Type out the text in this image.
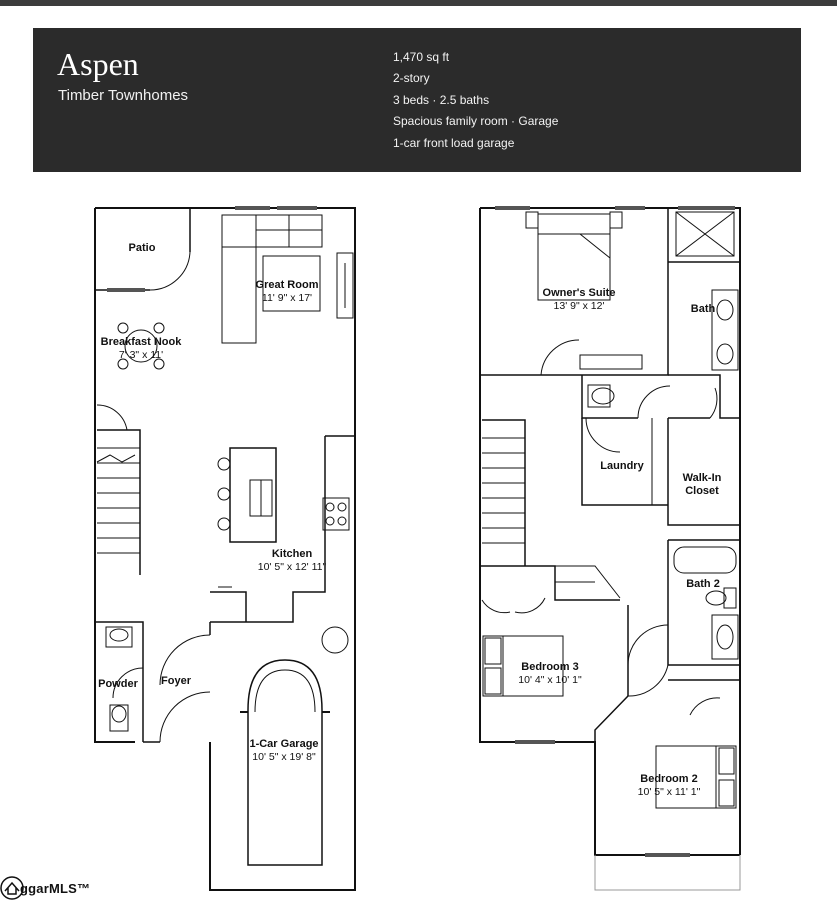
Aspen
Timber Townhomes
1,470 sq ft
2-story
3 beds · 2.5 baths
Spacious family room · Garage
1-car front load garage
Patio
Great Room
11' 9" x 17'
Breakfast Nook
7' 3" x 11'
Kitchen
10' 5" x 12' 11"
Powder Foyer
1-Car Garage
10' 5" x 19' 8"
Owner's Suite
13' 9" x 12'	Bath
Laundry
Walk-In
Closet
Bath 2
Bedroom 3
10' 4" x 10' 1"
Bedroom 2
10' 5" x 11' 1"
ggarMLS™
